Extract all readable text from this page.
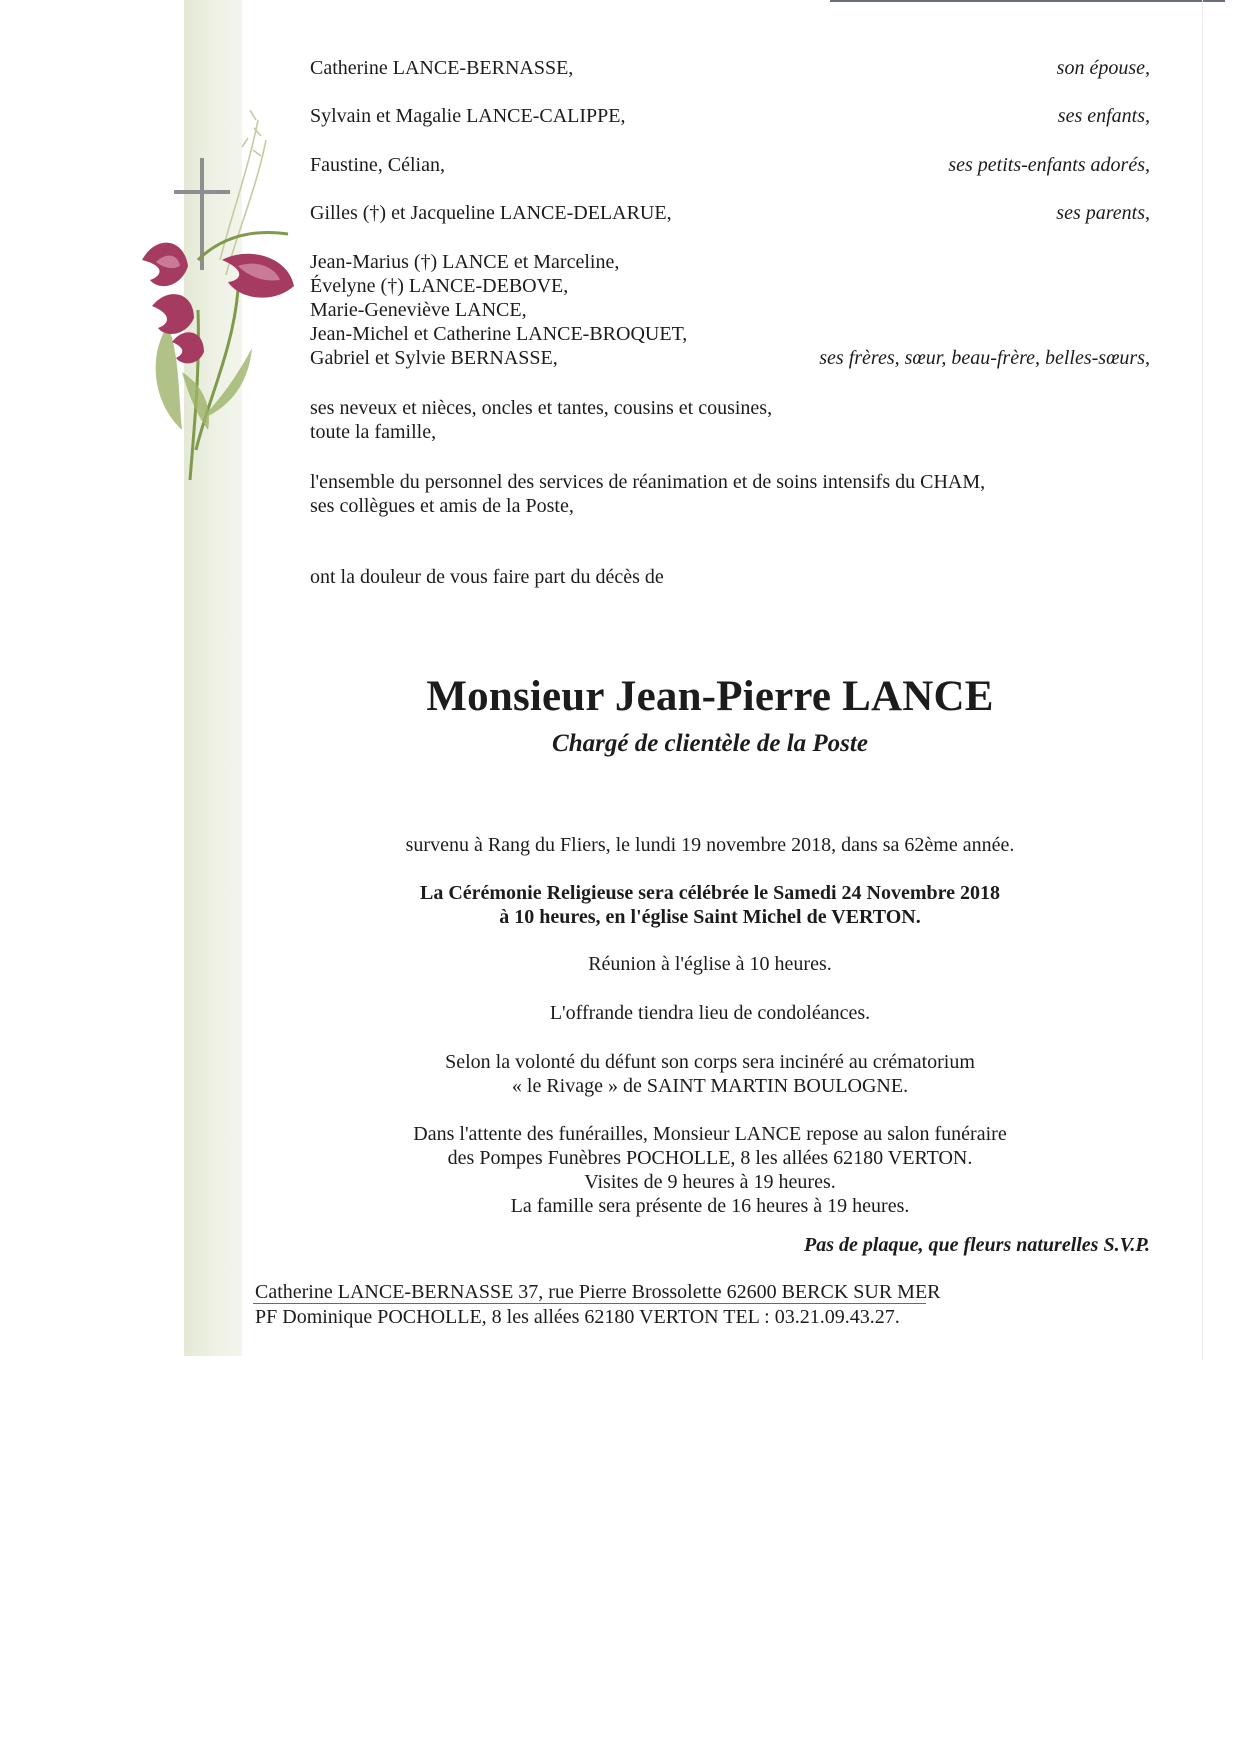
Catherine LANCE-BERNASSE,	son épouse,
Sylvain et Magalie LANCE-CALIPPE,	ses enfants,
Faustine, Célian,	ses petits-enfants adorés,
Gilles (†) et Jacqueline LANCE-DELARUE,	ses parents,
Jean-Marius (†) LANCE et Marceline,
Évelyne (†) LANCE-DEBOVE,
Marie-Geneviève LANCE,
Jean-Michel et Catherine LANCE-BROQUET,
Gabriel et Sylvie BERNASSE,	ses frères, sœur, beau-frère, belles-sœurs,
ses neveux et nièces, oncles et tantes, cousins et cousines,
toute la famille,
l'ensemble du personnel des services de réanimation et de soins intensifs du CHAM,
ses collègues et amis de la Poste,
ont la douleur de vous faire part du décès de
Monsieur Jean-Pierre LANCE
Chargé de clientèle de la Poste
survenu à Rang du Fliers, le lundi 19 novembre 2018, dans sa 62ème année.
La Cérémonie Religieuse sera célébrée le Samedi 24 Novembre 2018
à 10 heures, en l'église Saint Michel de VERTON.
Réunion à l'église à 10 heures.
L'offrande tiendra lieu de condoléances.
Selon la volonté du défunt son corps sera incinéré au crématorium
« le Rivage » de SAINT MARTIN BOULOGNE.
Dans l'attente des funérailles, Monsieur LANCE repose au salon funéraire
des Pompes Funèbres POCHOLLE, 8 les allées 62180 VERTON.
Visites de 9 heures à 19 heures.
La famille sera présente de 16 heures à 19 heures.
Pas de plaque, que fleurs naturelles S.V.P.
Catherine LANCE-BERNASSE 37, rue Pierre Brossolette 62600 BERCK SUR MER
PF Dominique POCHOLLE, 8 les allées 62180 VERTON TEL : 03.21.09.43.27.
